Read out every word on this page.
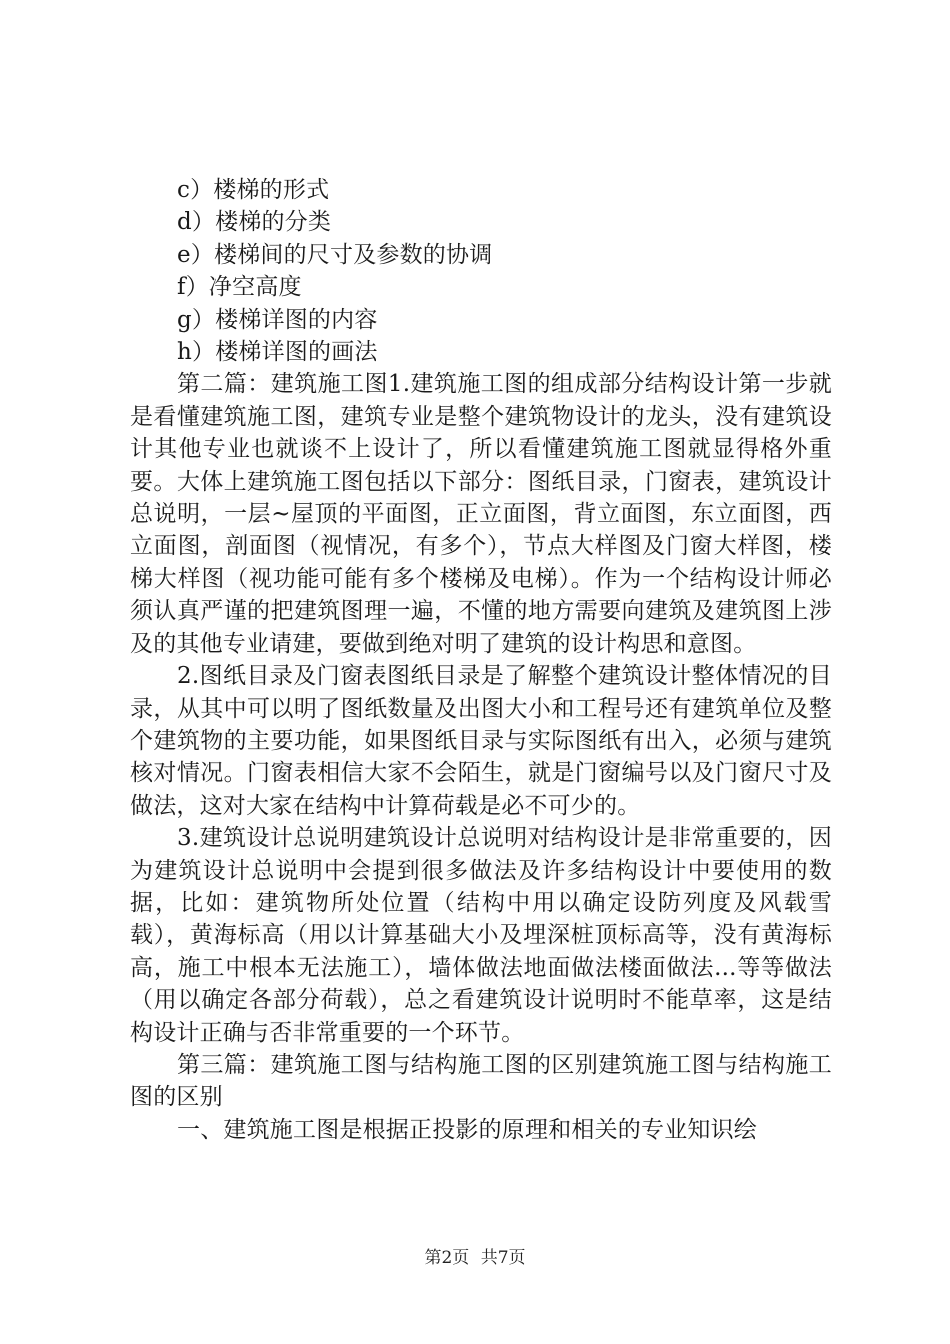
c）楼梯的形式

d）楼梯的分类

e）楼梯间的尺寸及参数的协调

f）净空高度

g）楼梯详图的内容

h）楼梯详图的画法

第二篇：建筑施工图1.建筑施工图的组成部分结构设计第一步就是看懂建筑施工图，建筑专业是整个建筑物设计的龙头，没有建筑设计其他专业也就谈不上设计了，所以看懂建筑施工图就显得格外重要。大体上建筑施工图包括以下部分：图纸目录，门窗表，建筑设计总说明，一层~屋顶的平面图，正立面图，背立面图，东立面图，西立面图，剖面图（视情况，有多个），节点大样图及门窗大样图，楼梯大样图（视功能可能有多个楼梯及电梯）。作为一个结构设计师必须认真严谨的把建筑图理一遍，不懂的地方需要向建筑及建筑图上涉及的其他专业请建，要做到绝对明了建筑的设计构思和意图。

2.图纸目录及门窗表图纸目录是了解整个建筑设计整体情况的目录，从其中可以明了图纸数量及出图大小和工程号还有建筑单位及整个建筑物的主要功能，如果图纸目录与实际图纸有出入，必须与建筑核对情况。门窗表相信大家不会陌生，就是门窗编号以及门窗尺寸及做法，这对大家在结构中计算荷载是必不可少的。

3.建筑设计总说明建筑设计总说明对结构设计是非常重要的，因为建筑设计总说明中会提到很多做法及许多结构设计中要使用的数据，比如：建筑物所处位置（结构中用以确定设防列度及风载雪载），黄海标高（用以计算基础大小及埋深桩顶标高等，没有黄海标高，施工中根本无法施工），墙体做法地面做法楼面做法...等等做法（用以确定各部分荷载），总之看建筑设计说明时不能草率，这是结构设计正确与否非常重要的一个环节。

第三篇：建筑施工图与结构施工图的区别建筑施工图与结构施工图的区别

一、建筑施工图是根据正投影的原理和相关的专业知识绘

第2页 共7页
